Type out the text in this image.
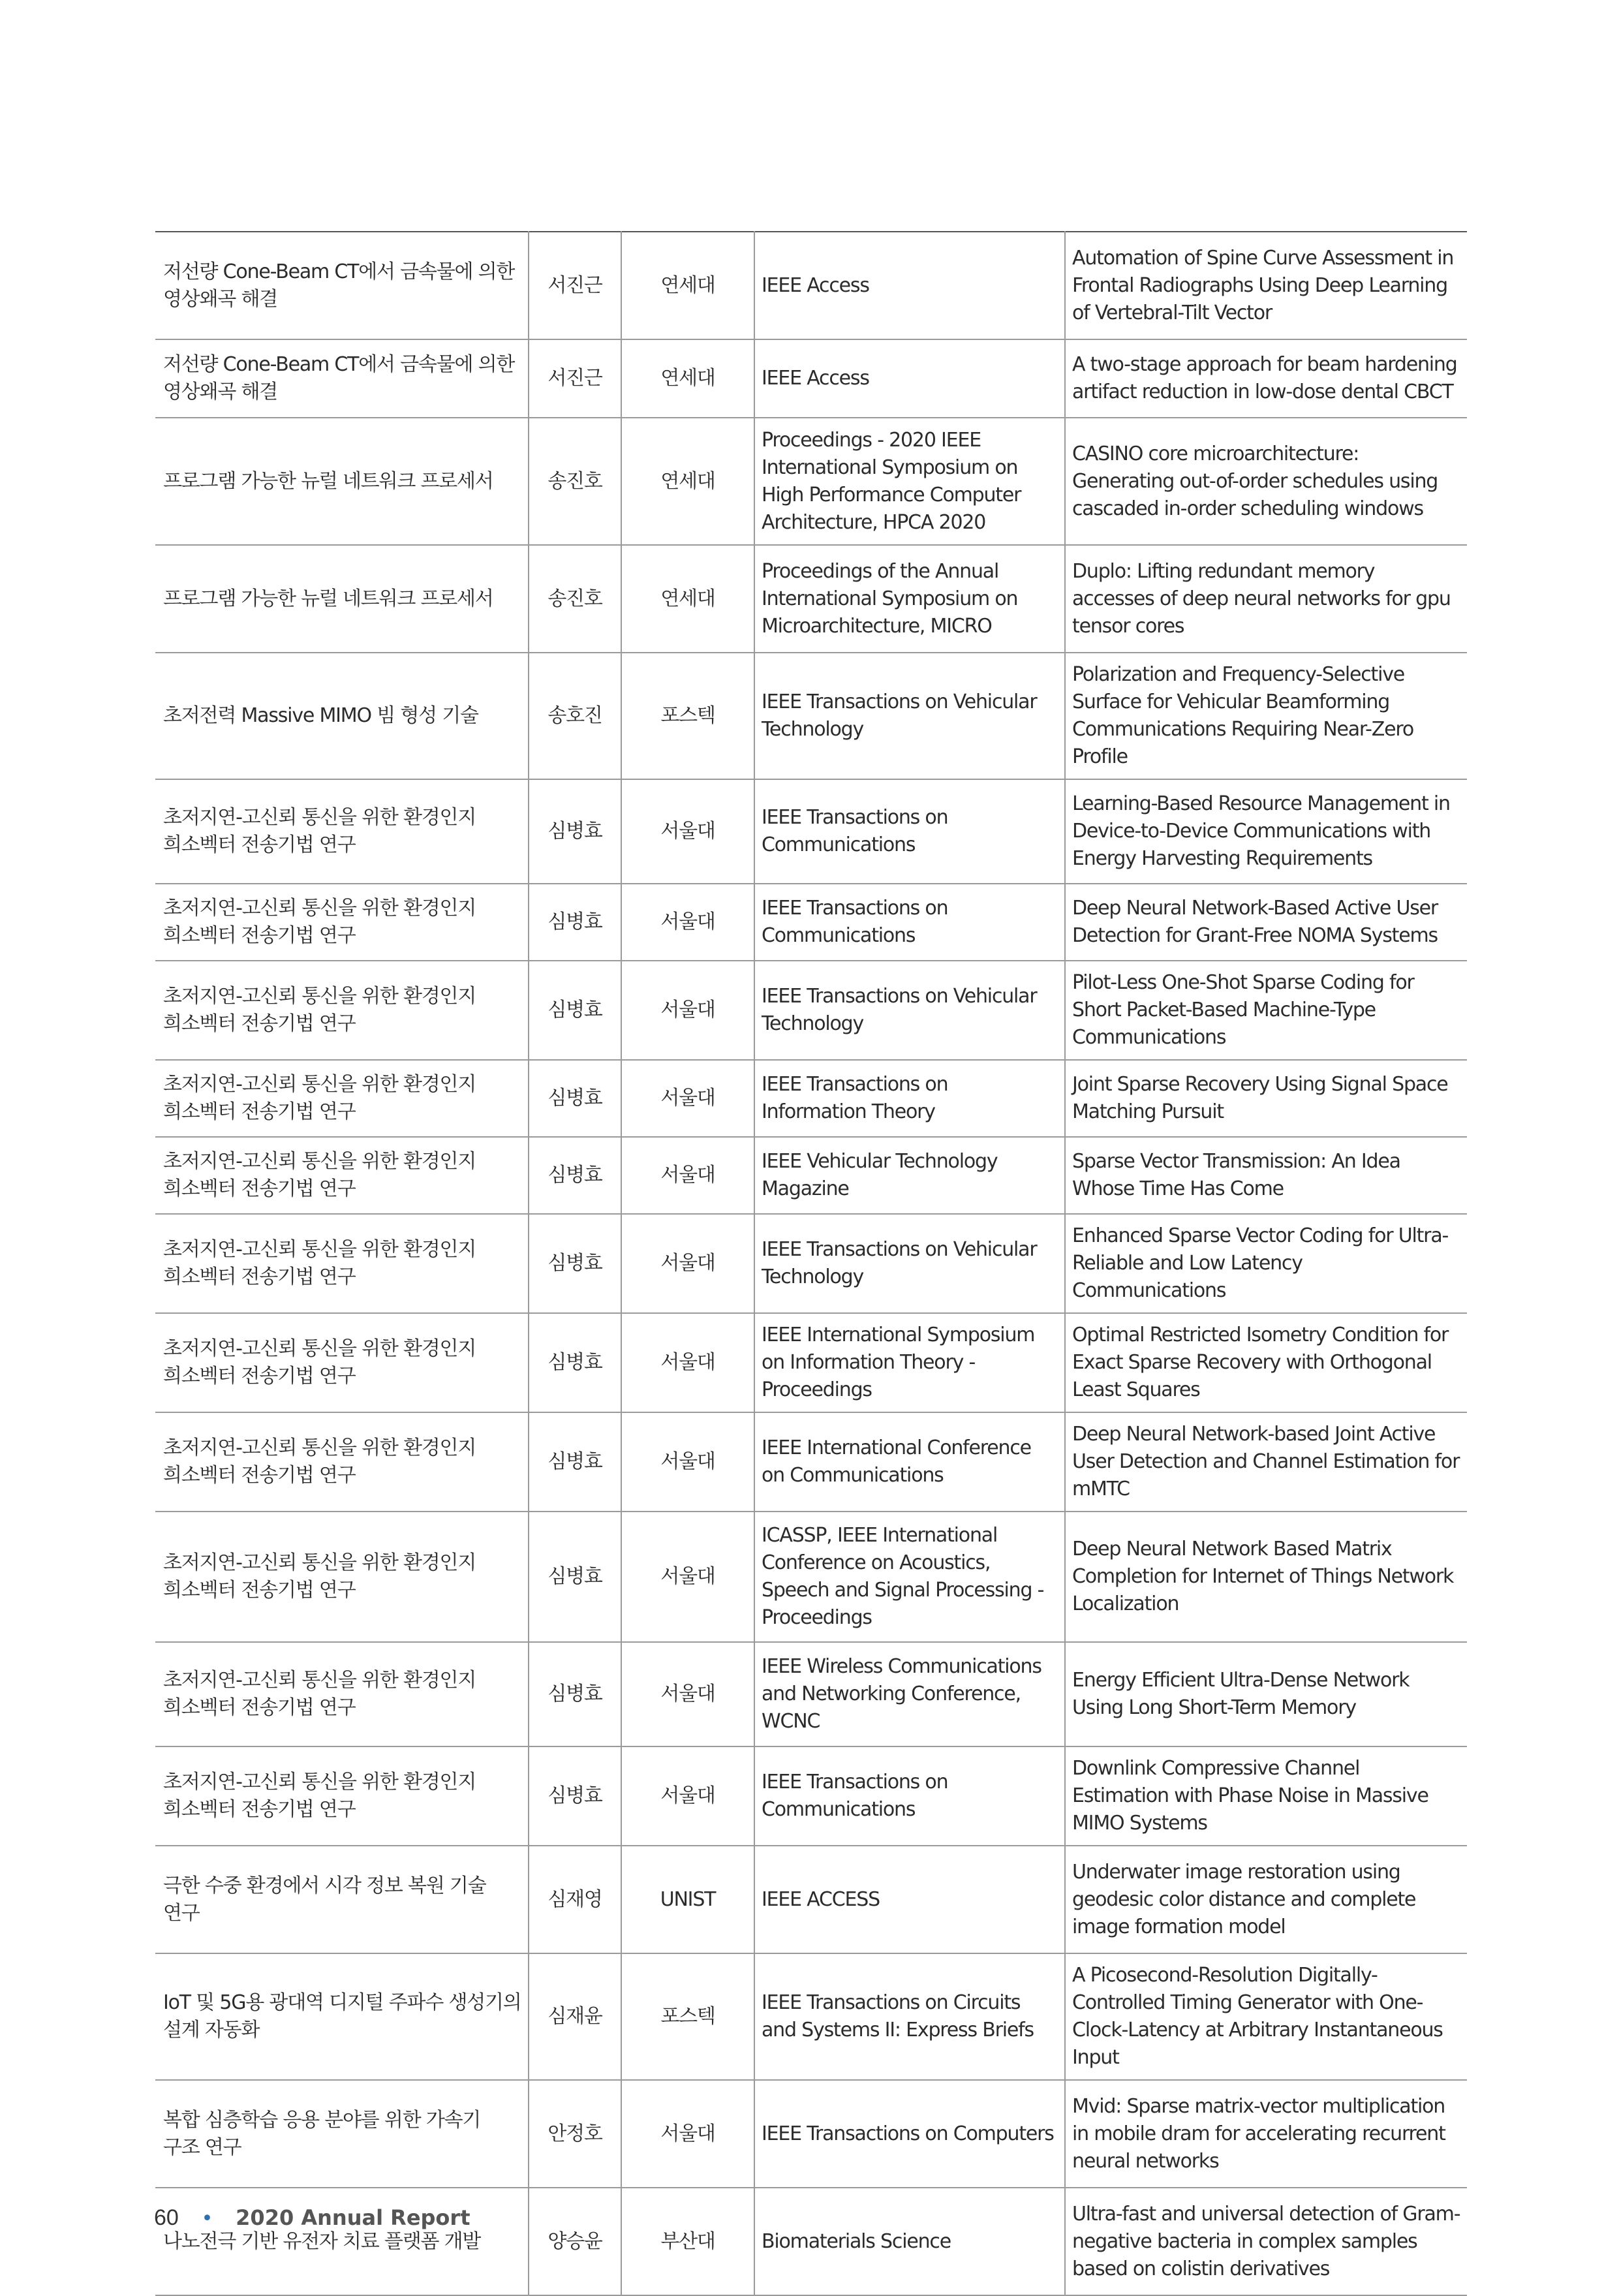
저선량 Cone-Beam CT에서 금속물에 의한 영상왜곡 해결	서진근	연세대	IEEE Access	Automation of Spine Curve Assessment in Frontal Radiographs Using Deep Learning of Vertebral-Tilt Vector
저선량 Cone-Beam CT에서 금속물에 의한 영상왜곡 해결	서진근	연세대	IEEE Access	A two-stage approach for beam hardening artifact reduction in low-dose dental CBCT
프로그램 가능한 뉴럴 네트워크 프로세서	송진호	연세대	Proceedings - 2020 IEEE International Symposium on High Performance Computer Architecture, HPCA 2020	CASINO core microarchitecture: Generating out-of-order schedules using cascaded in-order scheduling windows
프로그램 가능한 뉴럴 네트워크 프로세서	송진호	연세대	Proceedings of the Annual International Symposium on Microarchitecture, MICRO	Duplo: Lifting redundant memory accesses of deep neural networks for gpu tensor cores
초저전력 Massive MIMO 빔 형성 기술	송호진	포스텍	IEEE Transactions on Vehicular Technology	Polarization and Frequency-Selective Surface for Vehicular Beamforming Communications Requiring Near-Zero Profile
초저지연-고신뢰 통신을 위한 환경인지 희소벡터 전송기법 연구	심병효	서울대	IEEE Transactions on Communications	Learning-Based Resource Management in Device-to-Device Communications with Energy Harvesting Requirements
초저지연-고신뢰 통신을 위한 환경인지 희소벡터 전송기법 연구	심병효	서울대	IEEE Transactions on Communications	Deep Neural Network-Based Active User Detection for Grant-Free NOMA Systems
초저지연-고신뢰 통신을 위한 환경인지 희소벡터 전송기법 연구	심병효	서울대	IEEE Transactions on Vehicular Technology	Pilot-Less One-Shot Sparse Coding for Short Packet-Based Machine-Type Communications
초저지연-고신뢰 통신을 위한 환경인지 희소벡터 전송기법 연구	심병효	서울대	IEEE Transactions on Information Theory	Joint Sparse Recovery Using Signal Space Matching Pursuit
초저지연-고신뢰 통신을 위한 환경인지 희소벡터 전송기법 연구	심병효	서울대	IEEE Vehicular Technology Magazine	Sparse Vector Transmission: An Idea Whose Time Has Come
초저지연-고신뢰 통신을 위한 환경인지 희소벡터 전송기법 연구	심병효	서울대	IEEE Transactions on Vehicular Technology	Enhanced Sparse Vector Coding for Ultra-Reliable and Low Latency Communications
초저지연-고신뢰 통신을 위한 환경인지 희소벡터 전송기법 연구	심병효	서울대	IEEE International Symposium on Information Theory - Proceedings	Optimal Restricted Isometry Condition for Exact Sparse Recovery with Orthogonal Least Squares
초저지연-고신뢰 통신을 위한 환경인지 희소벡터 전송기법 연구	심병효	서울대	IEEE International Conference on Communications	Deep Neural Network-based Joint Active User Detection and Channel Estimation for mMTC
초저지연-고신뢰 통신을 위한 환경인지 희소벡터 전송기법 연구	심병효	서울대	ICASSP, IEEE International Conference on Acoustics, Speech and Signal Processing - Proceedings	Deep Neural Network Based Matrix Completion for Internet of Things Network Localization
초저지연-고신뢰 통신을 위한 환경인지 희소벡터 전송기법 연구	심병효	서울대	IEEE Wireless Communications and Networking Conference, WCNC	Energy Efficient Ultra-Dense Network Using Long Short-Term Memory
초저지연-고신뢰 통신을 위한 환경인지 희소벡터 전송기법 연구	심병효	서울대	IEEE Transactions on Communications	Downlink Compressive Channel Estimation with Phase Noise in Massive MIMO Systems
극한 수중 환경에서 시각 정보 복원 기술 연구	심재영	UNIST	IEEE ACCESS	Underwater image restoration using geodesic color distance and complete image formation model
IoT 및 5G용 광대역 디지털 주파수 생성기의 설계 자동화	심재윤	포스텍	IEEE Transactions on Circuits and Systems II: Express Briefs	A Picosecond-Resolution Digitally-Controlled Timing Generator with One-Clock-Latency at Arbitrary Instantaneous Input
복합 심층학습 응용 분야를 위한 가속기 구조 연구	안정호	서울대	IEEE Transactions on Computers	Mvid: Sparse matrix-vector multiplication in mobile dram for accelerating recurrent neural networks
나노전극 기반 유전자 치료 플랫폼 개발	양승윤	부산대	Biomaterials Science	Ultra-fast and universal detection of Gram-negative bacteria in complex samples based on colistin derivatives
60 • 2020 Annual Report
